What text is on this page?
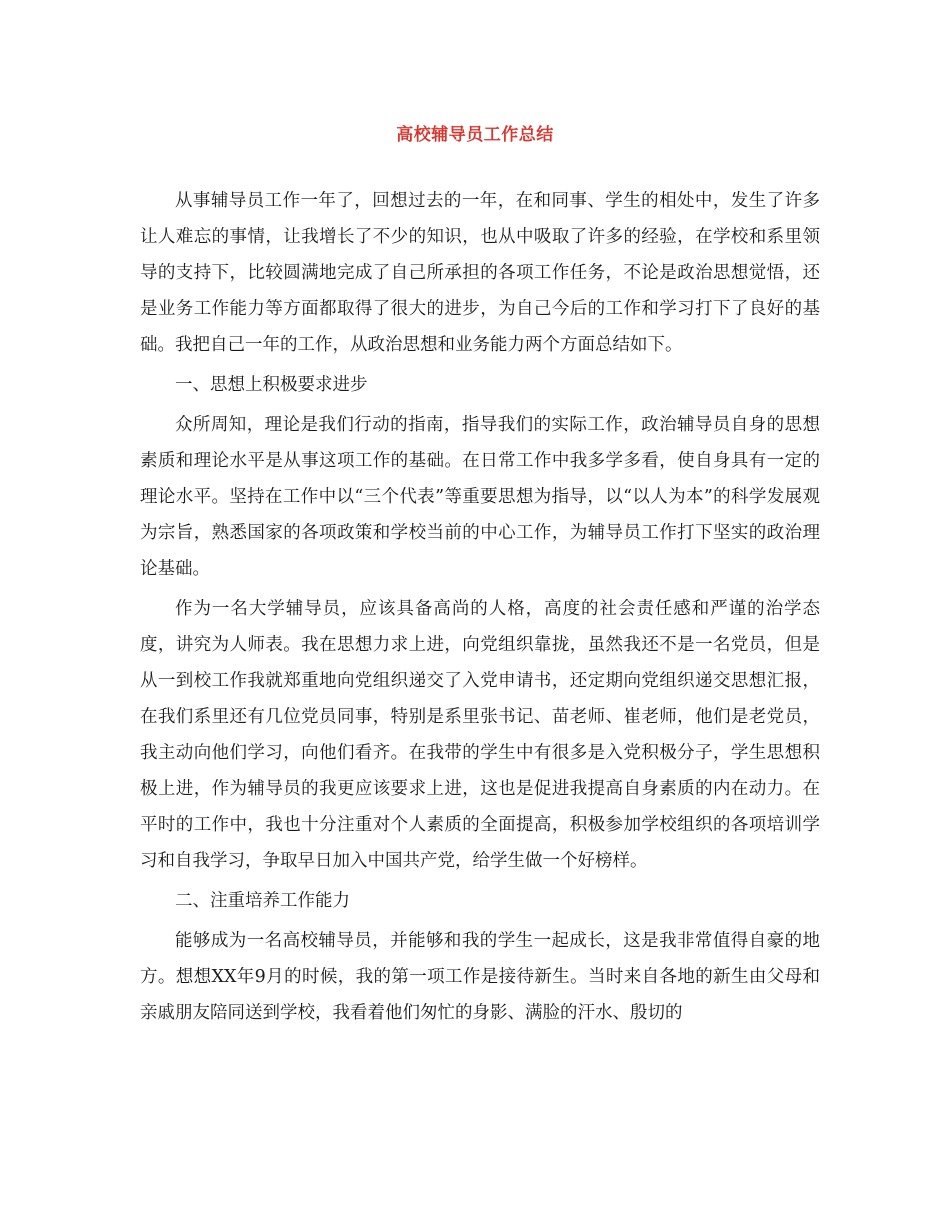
高校辅导员工作总结

从事辅导员工作一年了，回想过去的一年，在和同事、学生的相处中，发生了许多让人难忘的事情，让我增长了不少的知识，也从中吸取了许多的经验，在学校和系里领导的支持下，比较圆满地完成了自己所承担的各项工作任务，不论是政治思想觉悟，还是业务工作能力等方面都取得了很大的进步，为自己今后的工作和学习打下了良好的基础。我把自己一年的工作，从政治思想和业务能力两个方面总结如下。

一、思想上积极要求进步

众所周知，理论是我们行动的指南，指导我们的实际工作，政治辅导员自身的思想素质和理论水平是从事这项工作的基础。在日常工作中我多学多看，使自身具有一定的理论水平。坚持在工作中以“三个代表”等重要思想为指导，以“以人为本”的科学发展观为宗旨，熟悉国家的各项政策和学校当前的中心工作，为辅导员工作打下坚实的政治理论基础。

作为一名大学辅导员，应该具备高尚的人格，高度的社会责任感和严谨的治学态度，讲究为人师表。我在思想力求上进，向党组织靠拢，虽然我还不是一名党员，但是从一到校工作我就郑重地向党组织递交了入党申请书，还定期向党组织递交思想汇报，在我们系里还有几位党员同事，特别是系里张书记、苗老师、崔老师，他们是老党员，我主动向他们学习，向他们看齐。在我带的学生中有很多是入党积极分子，学生思想积极上进，作为辅导员的我更应该要求上进，这也是促进我提高自身素质的内在动力。在平时的工作中，我也十分注重对个人素质的全面提高，积极参加学校组织的各项培训学习和自我学习，争取早日加入中国共产党，给学生做一个好榜样。

二、注重培养工作能力

能够成为一名高校辅导员，并能够和我的学生一起成长，这是我非常值得自豪的地方。想想XX年9月的时候，我的第一项工作是接待新生。当时来自各地的新生由父母和亲戚朋友陪同送到学校，我看着他们匆忙的身影、满脸的汗水、殷切的
